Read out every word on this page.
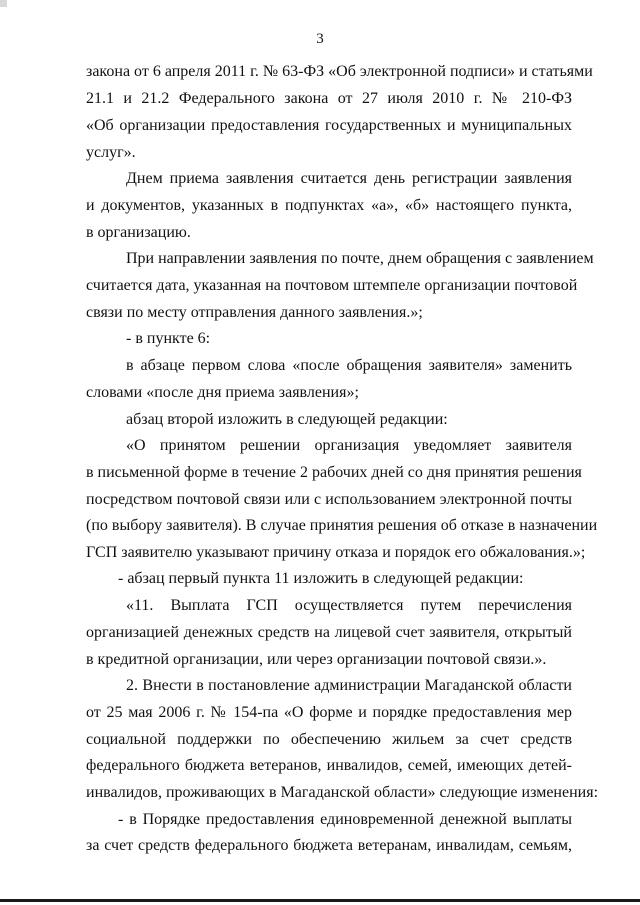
3
закона от 6 апреля 2011 г. № 63-ФЗ «Об электронной подписи» и статьями
21.1 и 21.2 Федерального закона от 27 июля 2010 г. № 210-ФЗ
«Об организации предоставления государственных и муниципальных
услуг».
Днем приема заявления считается день регистрации заявления
и документов, указанных в подпунктах «а», «б» настоящего пункта,
в организацию.
При направлении заявления по почте, днем обращения с заявлением
считается дата, указанная на почтовом штемпеле организации почтовой
связи по месту отправления данного заявления.»;
- в пункте 6:
в абзаце первом слова «после обращения заявителя» заменить
словами «после дня приема заявления»;
абзац второй изложить в следующей редакции:
«О принятом решении организация уведомляет заявителя
в письменной форме в течение 2 рабочих дней со дня принятия решения
посредством почтовой связи или с использованием электронной почты
(по выбору заявителя). В случае принятия решения об отказе в назначении
ГСП заявителю указывают причину отказа и порядок его обжалования.»;
- абзац первый пункта 11 изложить в следующей редакции:
«11. Выплата ГСП осуществляется путем перечисления
организацией денежных средств на лицевой счет заявителя, открытый
в кредитной организации, или через организации почтовой связи.».
2. Внести в постановление администрации Магаданской области
от 25 мая 2006 г. № 154-па «О форме и порядке предоставления мер
социальной поддержки по обеспечению жильем за счет средств
федерального бюджета ветеранов, инвалидов, семей, имеющих детей-
инвалидов, проживающих в Магаданской области» следующие изменения:
- в Порядке предоставления единовременной денежной выплаты
за счет средств федерального бюджета ветеранам, инвалидам, семьям,
